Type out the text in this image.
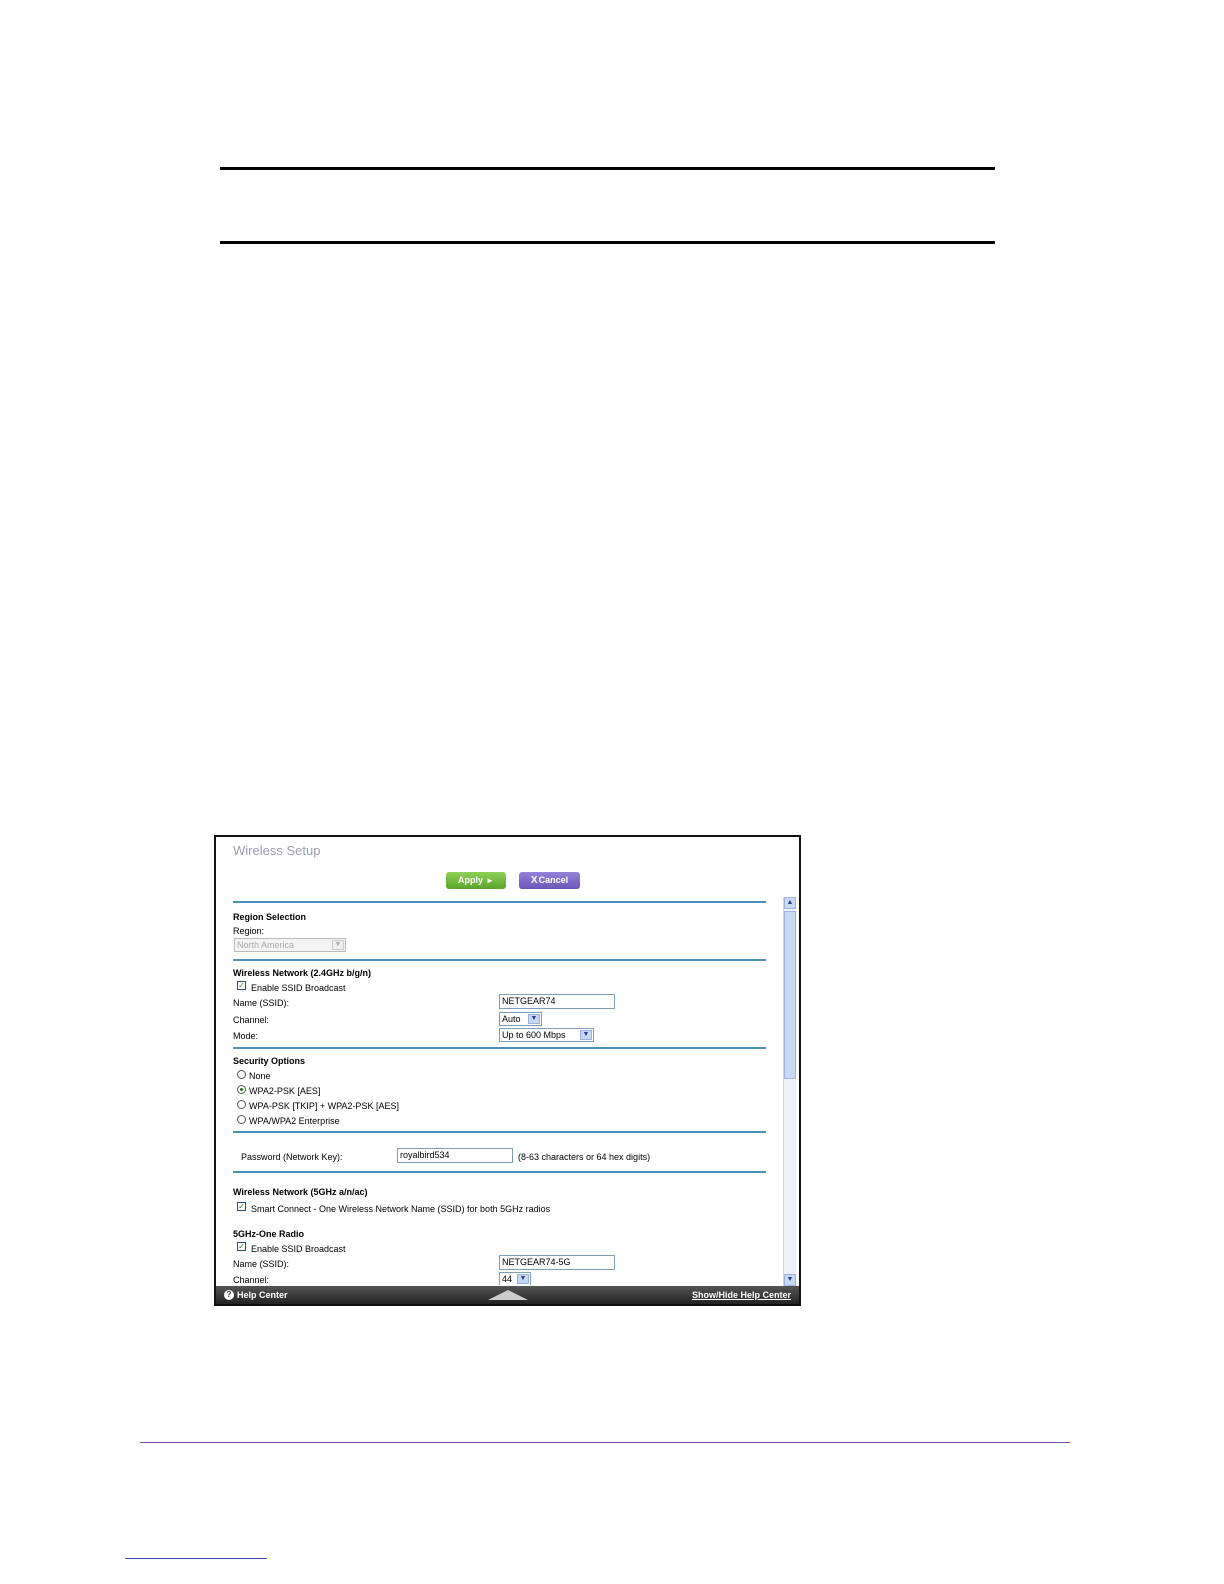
Wireless Setup
Apply ►	XCancel
Region Selection
Region:
North America	▼
Wireless Network (2.4GHz b/g/n)
✓ Enable SSID Broadcast
Name (SSID):	NETGEAR74
Channel:	Auto	▼
Mode:	Up to 600 Mbps	▼
Security Options
None
WPA2-PSK [AES]
WPA-PSK [TKIP] + WPA2-PSK [AES]
WPA/WPA2 Enterprise
Password (Network Key):	royalbird534	(8-63 characters or 64 hex digits)
Wireless Network (5GHz a/n/ac)
✓ Smart Connect - One Wireless Network Name (SSID) for both 5GHz radios
5GHz-One Radio
✓ Enable SSID Broadcast
Name (SSID):	NETGEAR74-5G
Channel:	44	▼
▲
▼
? Help Center	Show/Hide Help Center
